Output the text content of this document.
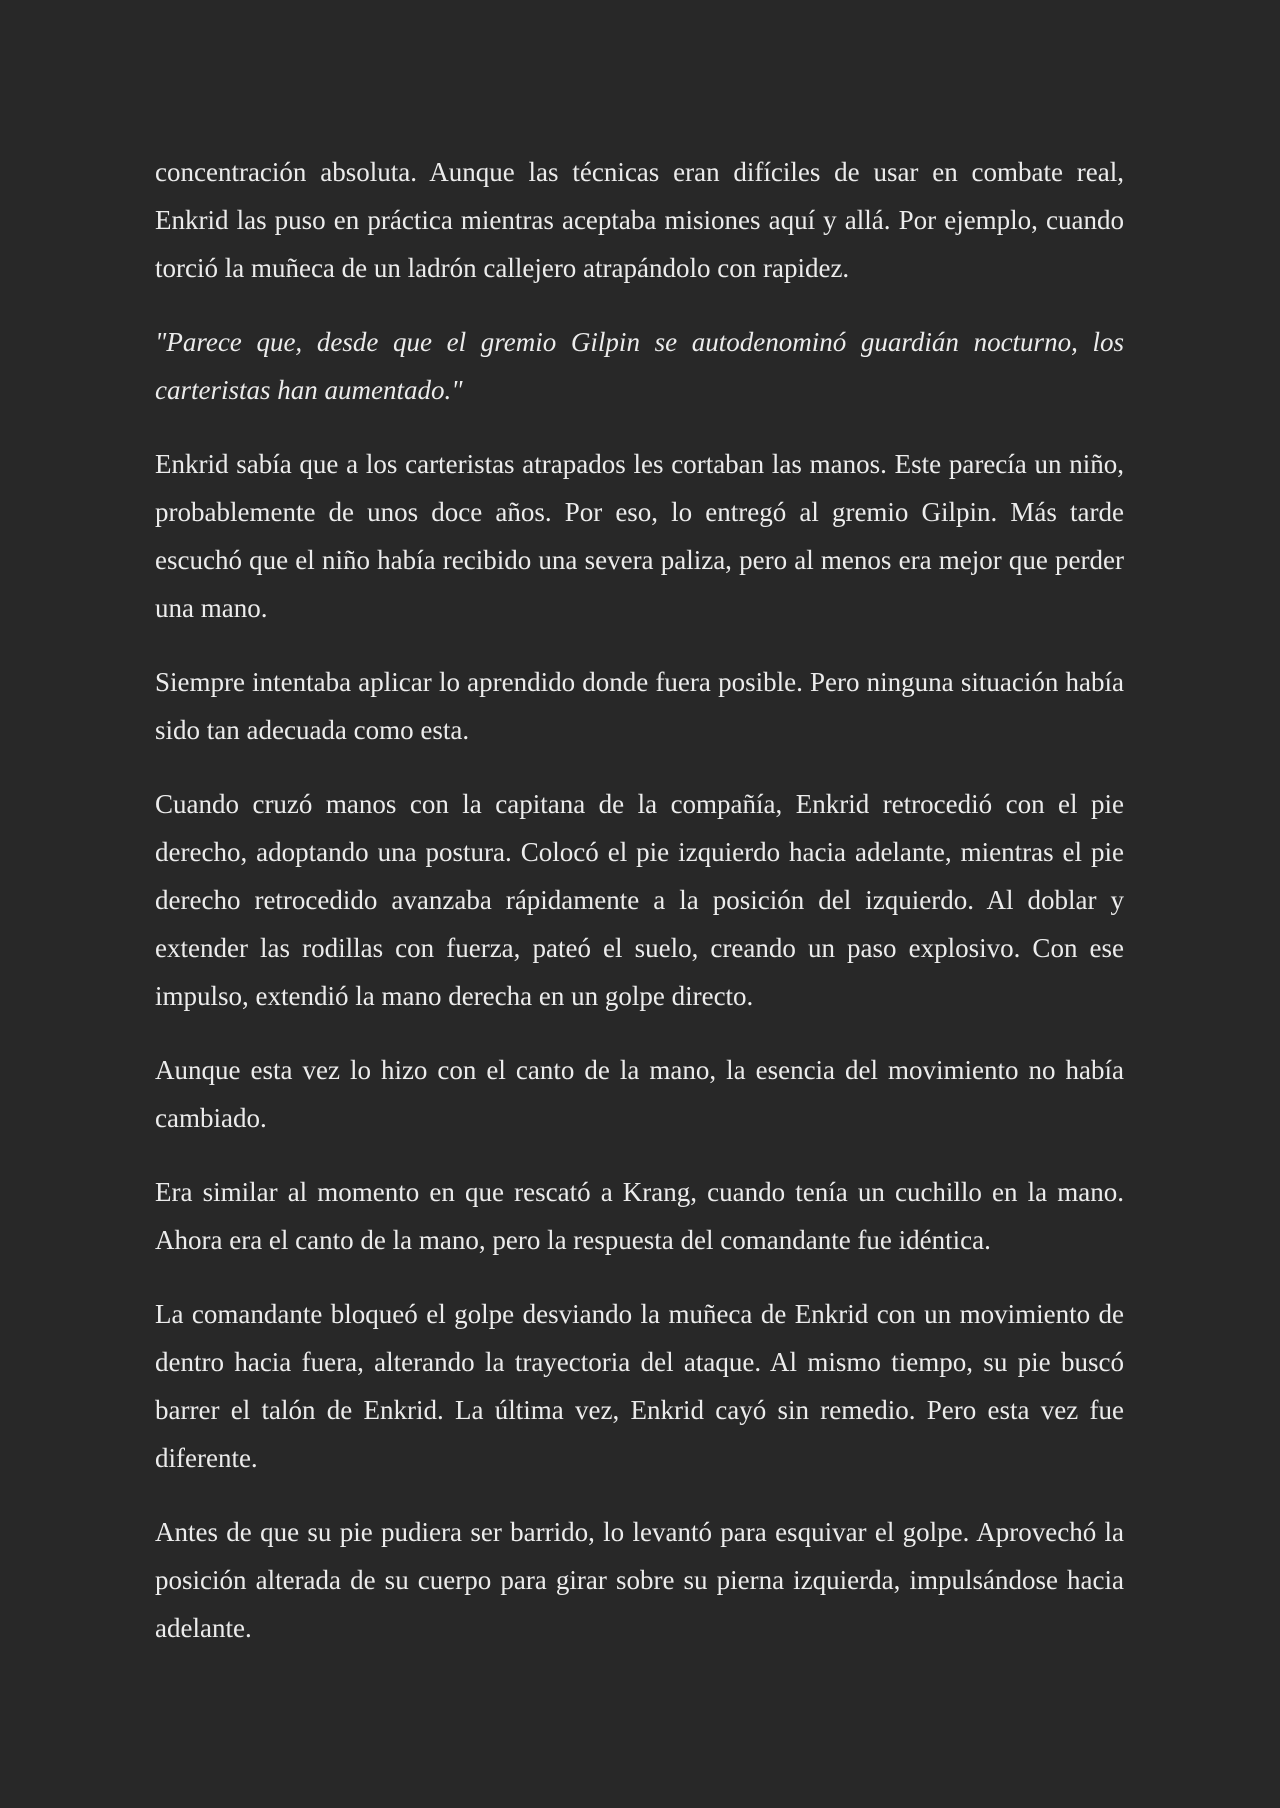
concentración absoluta. Aunque las técnicas eran difíciles de usar en combate real, Enkrid las puso en práctica mientras aceptaba misiones aquí y allá. Por ejemplo, cuando torció la muñeca de un ladrón callejero atrapándolo con rapidez.

"Parece que, desde que el gremio Gilpin se autodenominó guardián nocturno, los carteristas han aumentado."

Enkrid sabía que a los carteristas atrapados les cortaban las manos. Este parecía un niño, probablemente de unos doce años. Por eso, lo entregó al gremio Gilpin. Más tarde escuchó que el niño había recibido una severa paliza, pero al menos era mejor que perder una mano.

Siempre intentaba aplicar lo aprendido donde fuera posible. Pero ninguna situación había sido tan adecuada como esta.

Cuando cruzó manos con la capitana de la compañía, Enkrid retrocedió con el pie derecho, adoptando una postura. Colocó el pie izquierdo hacia adelante, mientras el pie derecho retrocedido avanzaba rápidamente a la posición del izquierdo. Al doblar y extender las rodillas con fuerza, pateó el suelo, creando un paso explosivo. Con ese impulso, extendió la mano derecha en un golpe directo.

Aunque esta vez lo hizo con el canto de la mano, la esencia del movimiento no había cambiado.

Era similar al momento en que rescató a Krang, cuando tenía un cuchillo en la mano. Ahora era el canto de la mano, pero la respuesta del comandante fue idéntica.

La comandante bloqueó el golpe desviando la muñeca de Enkrid con un movimiento de dentro hacia fuera, alterando la trayectoria del ataque. Al mismo tiempo, su pie buscó barrer el talón de Enkrid. La última vez, Enkrid cayó sin remedio. Pero esta vez fue diferente.

Antes de que su pie pudiera ser barrido, lo levantó para esquivar el golpe. Aprovechó la posición alterada de su cuerpo para girar sobre su pierna izquierda, impulsándose hacia adelante.
